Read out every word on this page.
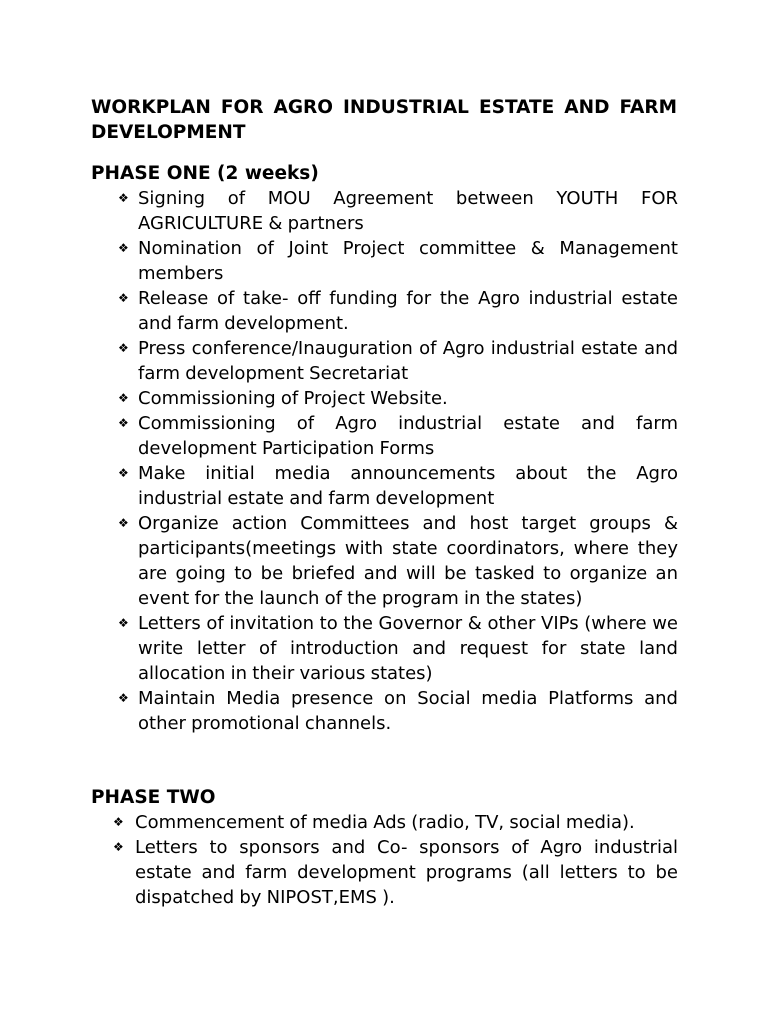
WORKPLAN FOR AGRO INDUSTRIAL ESTATE AND FARM DEVELOPMENT
PHASE ONE (2 weeks)
❖ Signing of MOU Agreement between YOUTH FOR AGRICULTURE & partners
❖ Nomination of Joint Project committee & Management members
❖ Release of take- off funding for the Agro industrial estate and farm development.
❖ Press conference/Inauguration of Agro industrial estate and farm development Secretariat
❖ Commissioning of Project Website.
❖ Commissioning of Agro industrial estate and farm development Participation Forms
❖ Make initial media announcements about the Agro industrial estate and farm development
❖ Organize action Committees and host target groups & participants(meetings with state coordinators, where they are going to be briefed and will be tasked to organize an event for the launch of the program in the states)
❖ Letters of invitation to the Governor & other VIPs (where we write letter of introduction and request for state land allocation in their various states)
❖ Maintain Media presence on Social media Platforms and other promotional channels.
PHASE TWO
❖ Commencement of media Ads (radio, TV, social media).
❖ Letters to sponsors and Co- sponsors of Agro industrial estate and farm development programs (all letters to be dispatched by NIPOST,EMS ).
